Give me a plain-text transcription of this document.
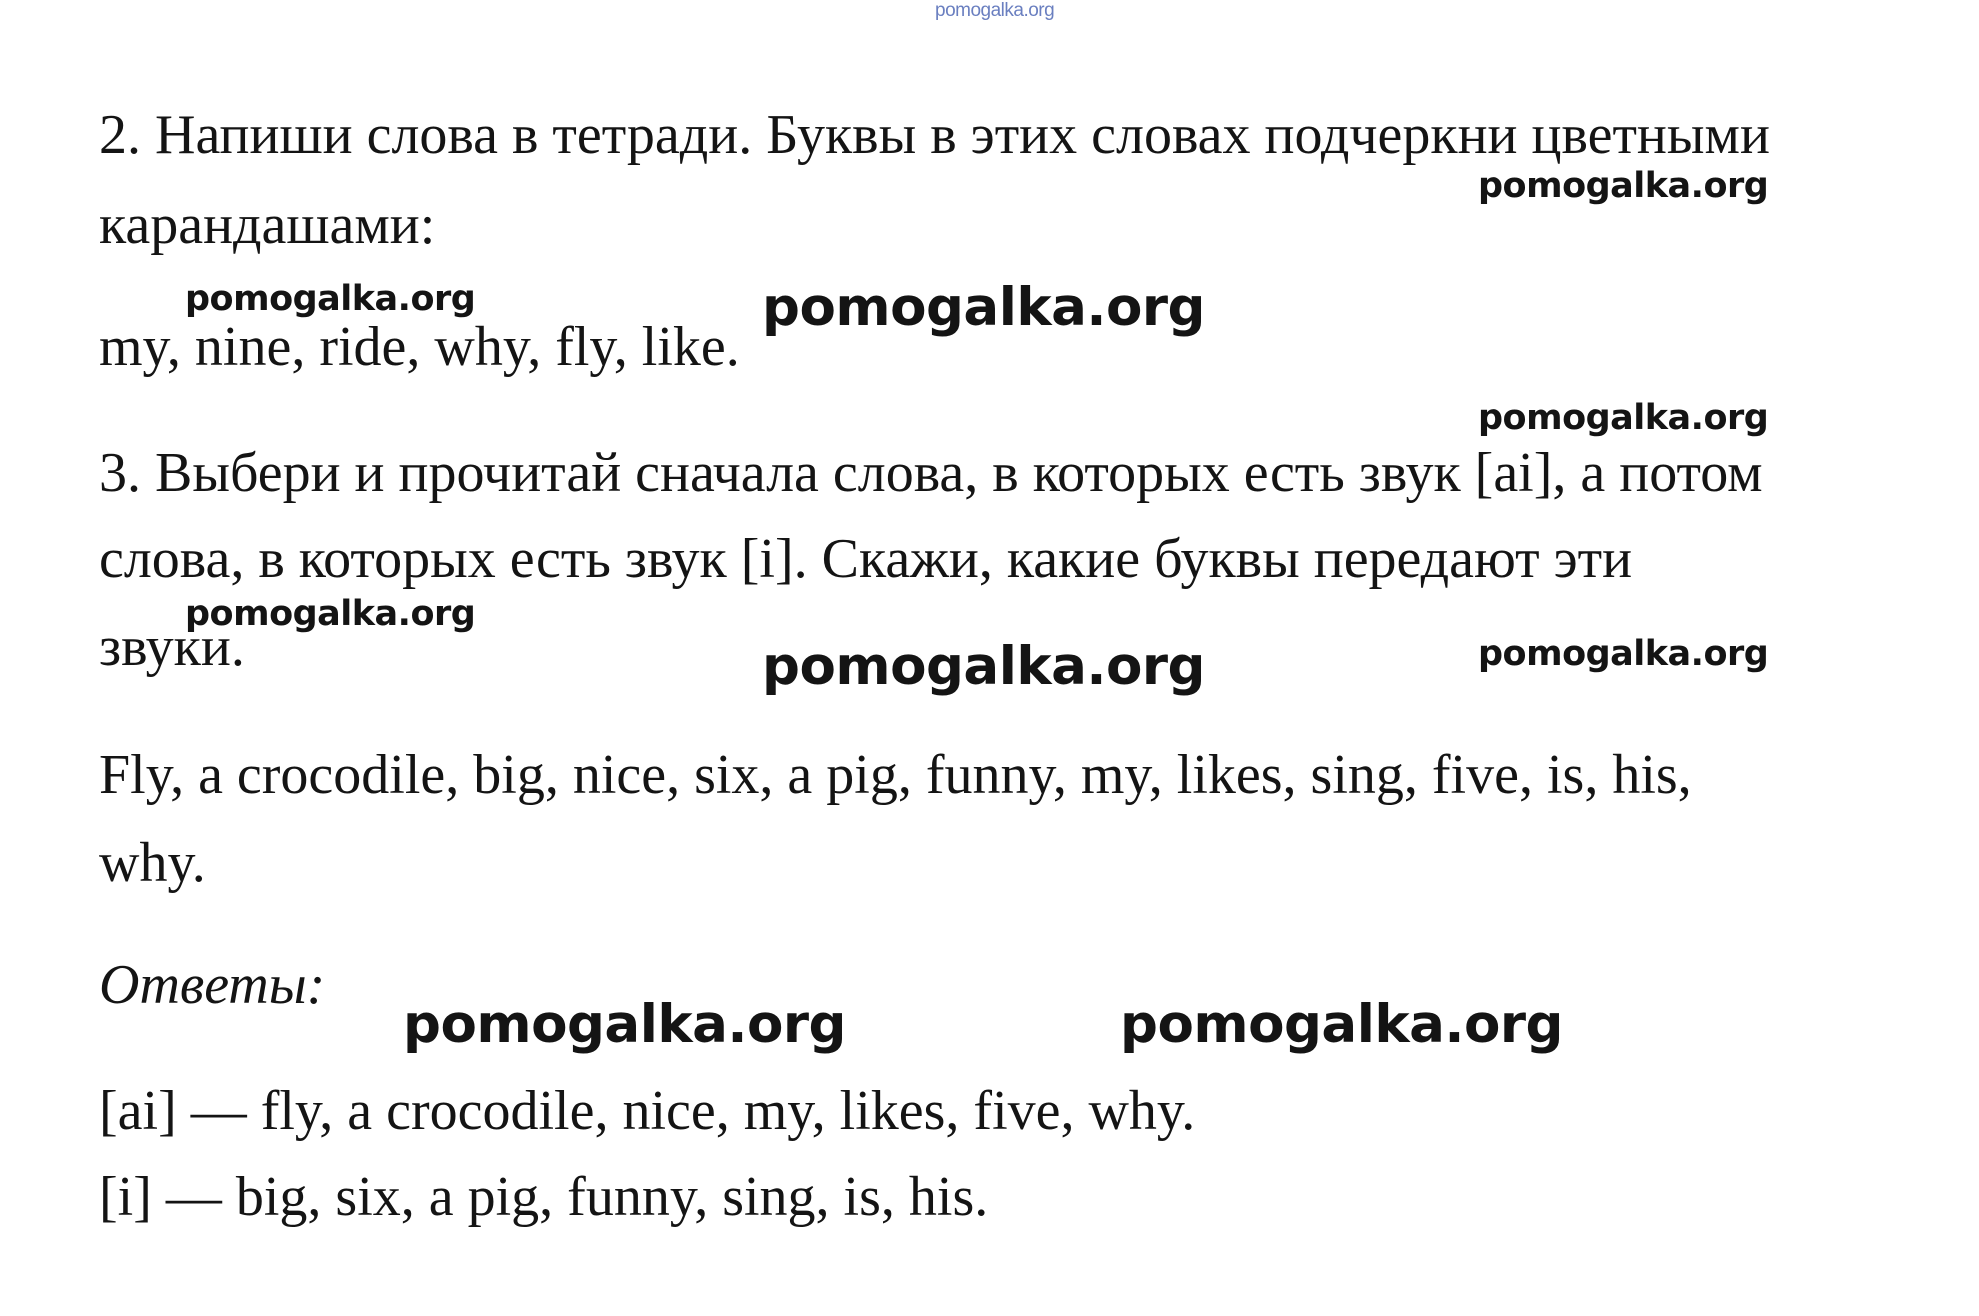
pomogalka.org
2. Напиши слова в тетради. Буквы в этих словах подчеркни цветными
карандашами:
my, nine, ride, why, fly, like.
3. Выбери и прочитай сначала слова, в которых есть звук [ai], а потом
слова, в которых есть звук [i]. Скажи, какие буквы передают эти
звуки.
Fly, a crocodile, big, nice, six, a pig, funny, my, likes, sing, five, is, his,
why.
Ответы:
[ai] — fly, a crocodile, nice, my, likes, five, why.
[i] — big, six, a pig, funny, sing, is, his.
pomogalka.org
pomogalka.org	pomogalka.org
pomogalka.org
pomogalka.org
pomogalka.org	pomogalka.org
pomogalka.org	pomogalka.org
